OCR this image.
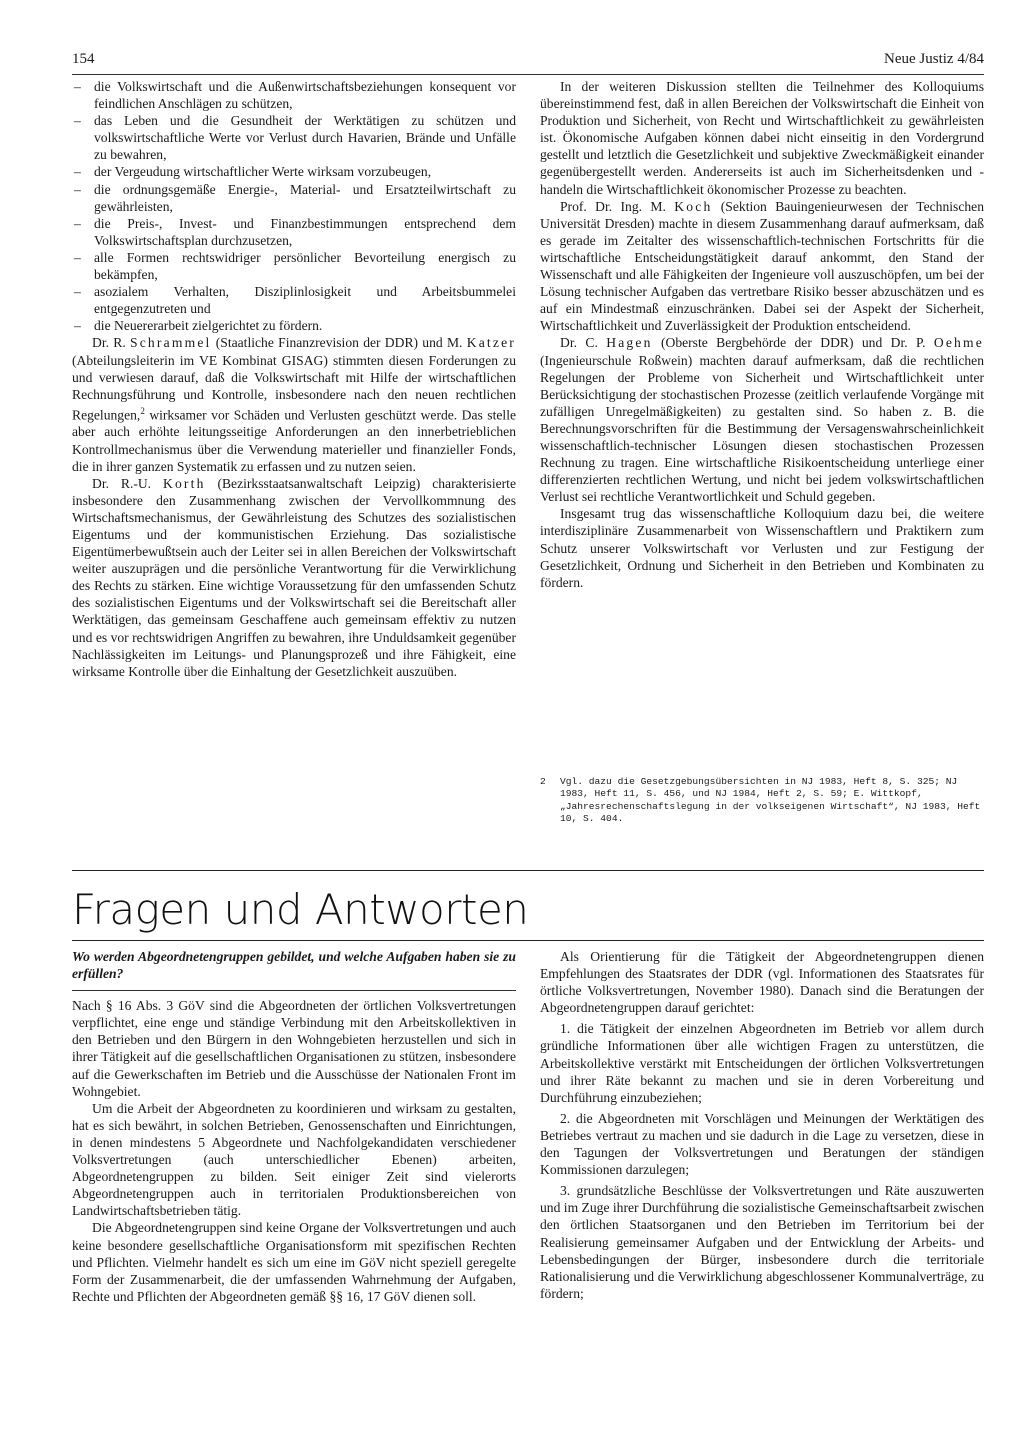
154	Neue Justiz 4/84
– die Volkswirtschaft und die Außenwirtschaftsbeziehungen konsequent vor feindlichen Anschlägen zu schützen,
– das Leben und die Gesundheit der Werktätigen zu schützen und volkswirtschaftliche Werte vor Verlust durch Havarien, Brände und Unfälle zu bewahren,
– der Vergeudung wirtschaftlicher Werte wirksam vorzubeugen,
– die ordnungsgemäße Energie-, Material- und Ersatzteilwirtschaft zu gewährleisten,
– die Preis-, Invest- und Finanzbestimmungen entsprechend dem Volkswirtschaftsplan durchzusetzen,
– alle Formen rechtswidriger persönlicher Bevorteilung energisch zu bekämpfen,
– asozialem Verhalten, Disziplinlosigkeit und Arbeitsbummelei entgegenzutreten und
– die Neuererarbeit zielgerichtet zu fördern.

Dr. R. Schrammel (Staatliche Finanzrevision der DDR) und M. Katzer (Abteilungsleiterin im VE Kombinat GISAG) stimmten diesen Forderungen zu und verwiesen darauf, daß die Volkswirtschaft mit Hilfe der wirtschaftlichen Rechnungsführung und Kontrolle, insbesondere nach den neuen rechtlichen Regelungen,$^2$ wirksamer vor Schäden und Verlusten geschützt werde. Das stelle aber auch erhöhte leitungsseitige Anforderungen an den innerbetrieblichen Kontrollmechanismus über die Verwendung materieller und finanzieller Fonds, die in ihrer ganzen Systematik zu erfassen und zu nutzen seien.

Dr. R.-U. Korth (Bezirksstaatsanwaltschaft Leipzig) charakterisierte insbesondere den Zusammenhang zwischen der Vervollkommnung des Wirtschaftsmechanismus, der Gewährleistung des Schutzes des sozialistischen Eigentums und der kommunistischen Erziehung. Das sozialistische Eigentümerbewußtsein auch der Leiter sei in allen Bereichen der Volkswirtschaft weiter auszuprägen und die persönliche Verantwortung für die Verwirklichung des Rechts zu stärken. Eine wichtige Voraussetzung für den umfassenden Schutz des sozialistischen Eigentums und der Volkswirtschaft sei die Bereitschaft aller Werktätigen, das gemeinsam Geschaffene auch gemeinsam effektiv zu nutzen und es vor rechtswidrigen Angriffen zu bewahren, ihre Unduldsamkeit gegenüber Nachlässigkeiten im Leitungs- und Planungsprozeß und ihre Fähigkeit, eine wirksame Kontrolle über die Einhaltung der Gesetzlichkeit auszuüben.

In der weiteren Diskussion stellten die Teilnehmer des Kolloquiums übereinstimmend fest, daß in allen Bereichen der Volkswirtschaft die Einheit von Produktion und Sicherheit, von Recht und Wirtschaftlichkeit zu gewährleisten ist. Ökonomische Aufgaben können dabei nicht einseitig in den Vordergrund gestellt und letztlich die Gesetzlichkeit und subjektive Zweckmäßigkeit einander gegenübergestellt werden. Andererseits ist auch im Sicherheitsdenken und -handeln die Wirtschaftlichkeit ökonomischer Prozesse zu beachten.

Prof. Dr. Ing. M. Koch (Sektion Bauingenieurwesen der Technischen Universität Dresden) machte in diesem Zusammenhang darauf aufmerksam, daß es gerade im Zeitalter des wissenschaftlich-technischen Fortschritts für die wirtschaftliche Entscheidungstätigkeit darauf ankommt, den Stand der Wissenschaft und alle Fähigkeiten der Ingenieure voll auszuschöpfen, um bei der Lösung technischer Aufgaben das vertretbare Risiko besser abzuschätzen und es auf ein Mindestmaß einzuschränken. Dabei sei der Aspekt der Sicherheit, Wirtschaftlichkeit und Zuverlässigkeit der Produktion entscheidend.

Dr. C. Hagen (Oberste Bergbehörde der DDR) und Dr. P. Oehme (Ingenieurschule Roßwein) machten darauf aufmerksam, daß die rechtlichen Regelungen der Probleme von Sicherheit und Wirtschaftlichkeit unter Berücksichtigung der stochastischen Prozesse (zeitlich verlaufende Vorgänge mit zufälligen Unregelmäßigkeiten) zu gestalten sind. So haben z. B. die Berechnungsvorschriften für die Bestimmung der Versagenswahrscheinlichkeit wissenschaftlich-technischer Lösungen diesen stochastischen Prozessen Rechnung zu tragen. Eine wirtschaftliche Risikoentscheidung unterliege einer differenzierten rechtlichen Wertung, und nicht bei jedem volkswirtschaftlichen Verlust sei rechtliche Verantwortlichkeit und Schuld gegeben.

Insgesamt trug das wissenschaftliche Kolloquium dazu bei, die weitere interdisziplinäre Zusammenarbeit von Wissenschaftlern und Praktikern zum Schutz unserer Volkswirtschaft vor Verlusten und zur Festigung der Gesetzlichkeit, Ordnung und Sicherheit in den Betrieben und Kombinaten zu fördern.

2 Vgl. dazu die Gesetzgebungsübersichten in NJ 1983, Heft 8, S. 325; NJ 1983, Heft 11, S. 456, und NJ 1984, Heft 2, S. 59; E. Wittkopf, „Jahresrechenschaftslegung in der volkseigenen Wirtschaft“, NJ 1983, Heft 10, S. 404.
Fragen und Antworten
Wo werden Abgeordnetengruppen gebildet, und welche Aufgaben haben sie zu erfüllen?

Nach § 16 Abs. 3 GöV sind die Abgeordneten der örtlichen Volksvertretungen verpflichtet, eine enge und ständige Verbindung mit den Arbeitskollektiven in den Betrieben und den Bürgern in den Wohngebieten herzustellen und sich in ihrer Tätigkeit auf die gesellschaftlichen Organisationen zu stützen, insbesondere auf die Gewerkschaften im Betrieb und die Ausschüsse der Nationalen Front im Wohngebiet.

Um die Arbeit der Abgeordneten zu koordinieren und wirksam zu gestalten, hat es sich bewährt, in solchen Betrieben, Genossenschaften und Einrichtungen, in denen mindestens 5 Abgeordnete und Nachfolgekandidaten verschiedener Volksvertretungen (auch unterschiedlicher Ebenen) arbeiten, Abgeordnetengruppen zu bilden. Seit einiger Zeit sind vielerorts Abgeordnetengruppen auch in territorialen Produktionsbereichen von Landwirtschaftsbetrieben tätig.

Die Abgeordnetengruppen sind keine Organe der Volksvertretungen und auch keine besondere gesellschaftliche Organisationsform mit spezifischen Rechten und Pflichten. Vielmehr handelt es sich um eine im GöV nicht speziell geregelte Form der Zusammenarbeit, die der umfassenden Wahrnehmung der Aufgaben, Rechte und Pflichten der Abgeordneten gemäß §§ 16, 17 GöV dienen soll.

Als Orientierung für die Tätigkeit der Abgeordnetengruppen dienen Empfehlungen des Staatsrates der DDR (vgl. Informationen des Staatsrates für örtliche Volksvertretungen, November 1980). Danach sind die Beratungen der Abgeordnetengruppen darauf gerichtet:

1. die Tätigkeit der einzelnen Abgeordneten im Betrieb vor allem durch gründliche Informationen über alle wichtigen Fragen zu unterstützen, die Arbeitskollektive verstärkt mit Entscheidungen der örtlichen Volksvertretungen und ihrer Räte bekannt zu machen und sie in deren Vorbereitung und Durchführung einzubeziehen;

2. die Abgeordneten mit Vorschlägen und Meinungen der Werktätigen des Betriebes vertraut zu machen und sie dadurch in die Lage zu versetzen, diese in den Tagungen der Volksvertretungen und Beratungen der ständigen Kommissionen darzulegen;

3. grundsätzliche Beschlüsse der Volksvertretungen und Räte auszuwerten und im Zuge ihrer Durchführung die sozialistische Gemeinschaftsarbeit zwischen den örtlichen Staatsorganen und den Betrieben im Territorium bei der Realisierung gemeinsamer Aufgaben und der Entwicklung der Arbeits- und Lebensbedingungen der Bürger, insbesondere durch die territoriale Rationalisierung und die Verwirklichung abgeschlossener Kommunalverträge, zu fördern;
